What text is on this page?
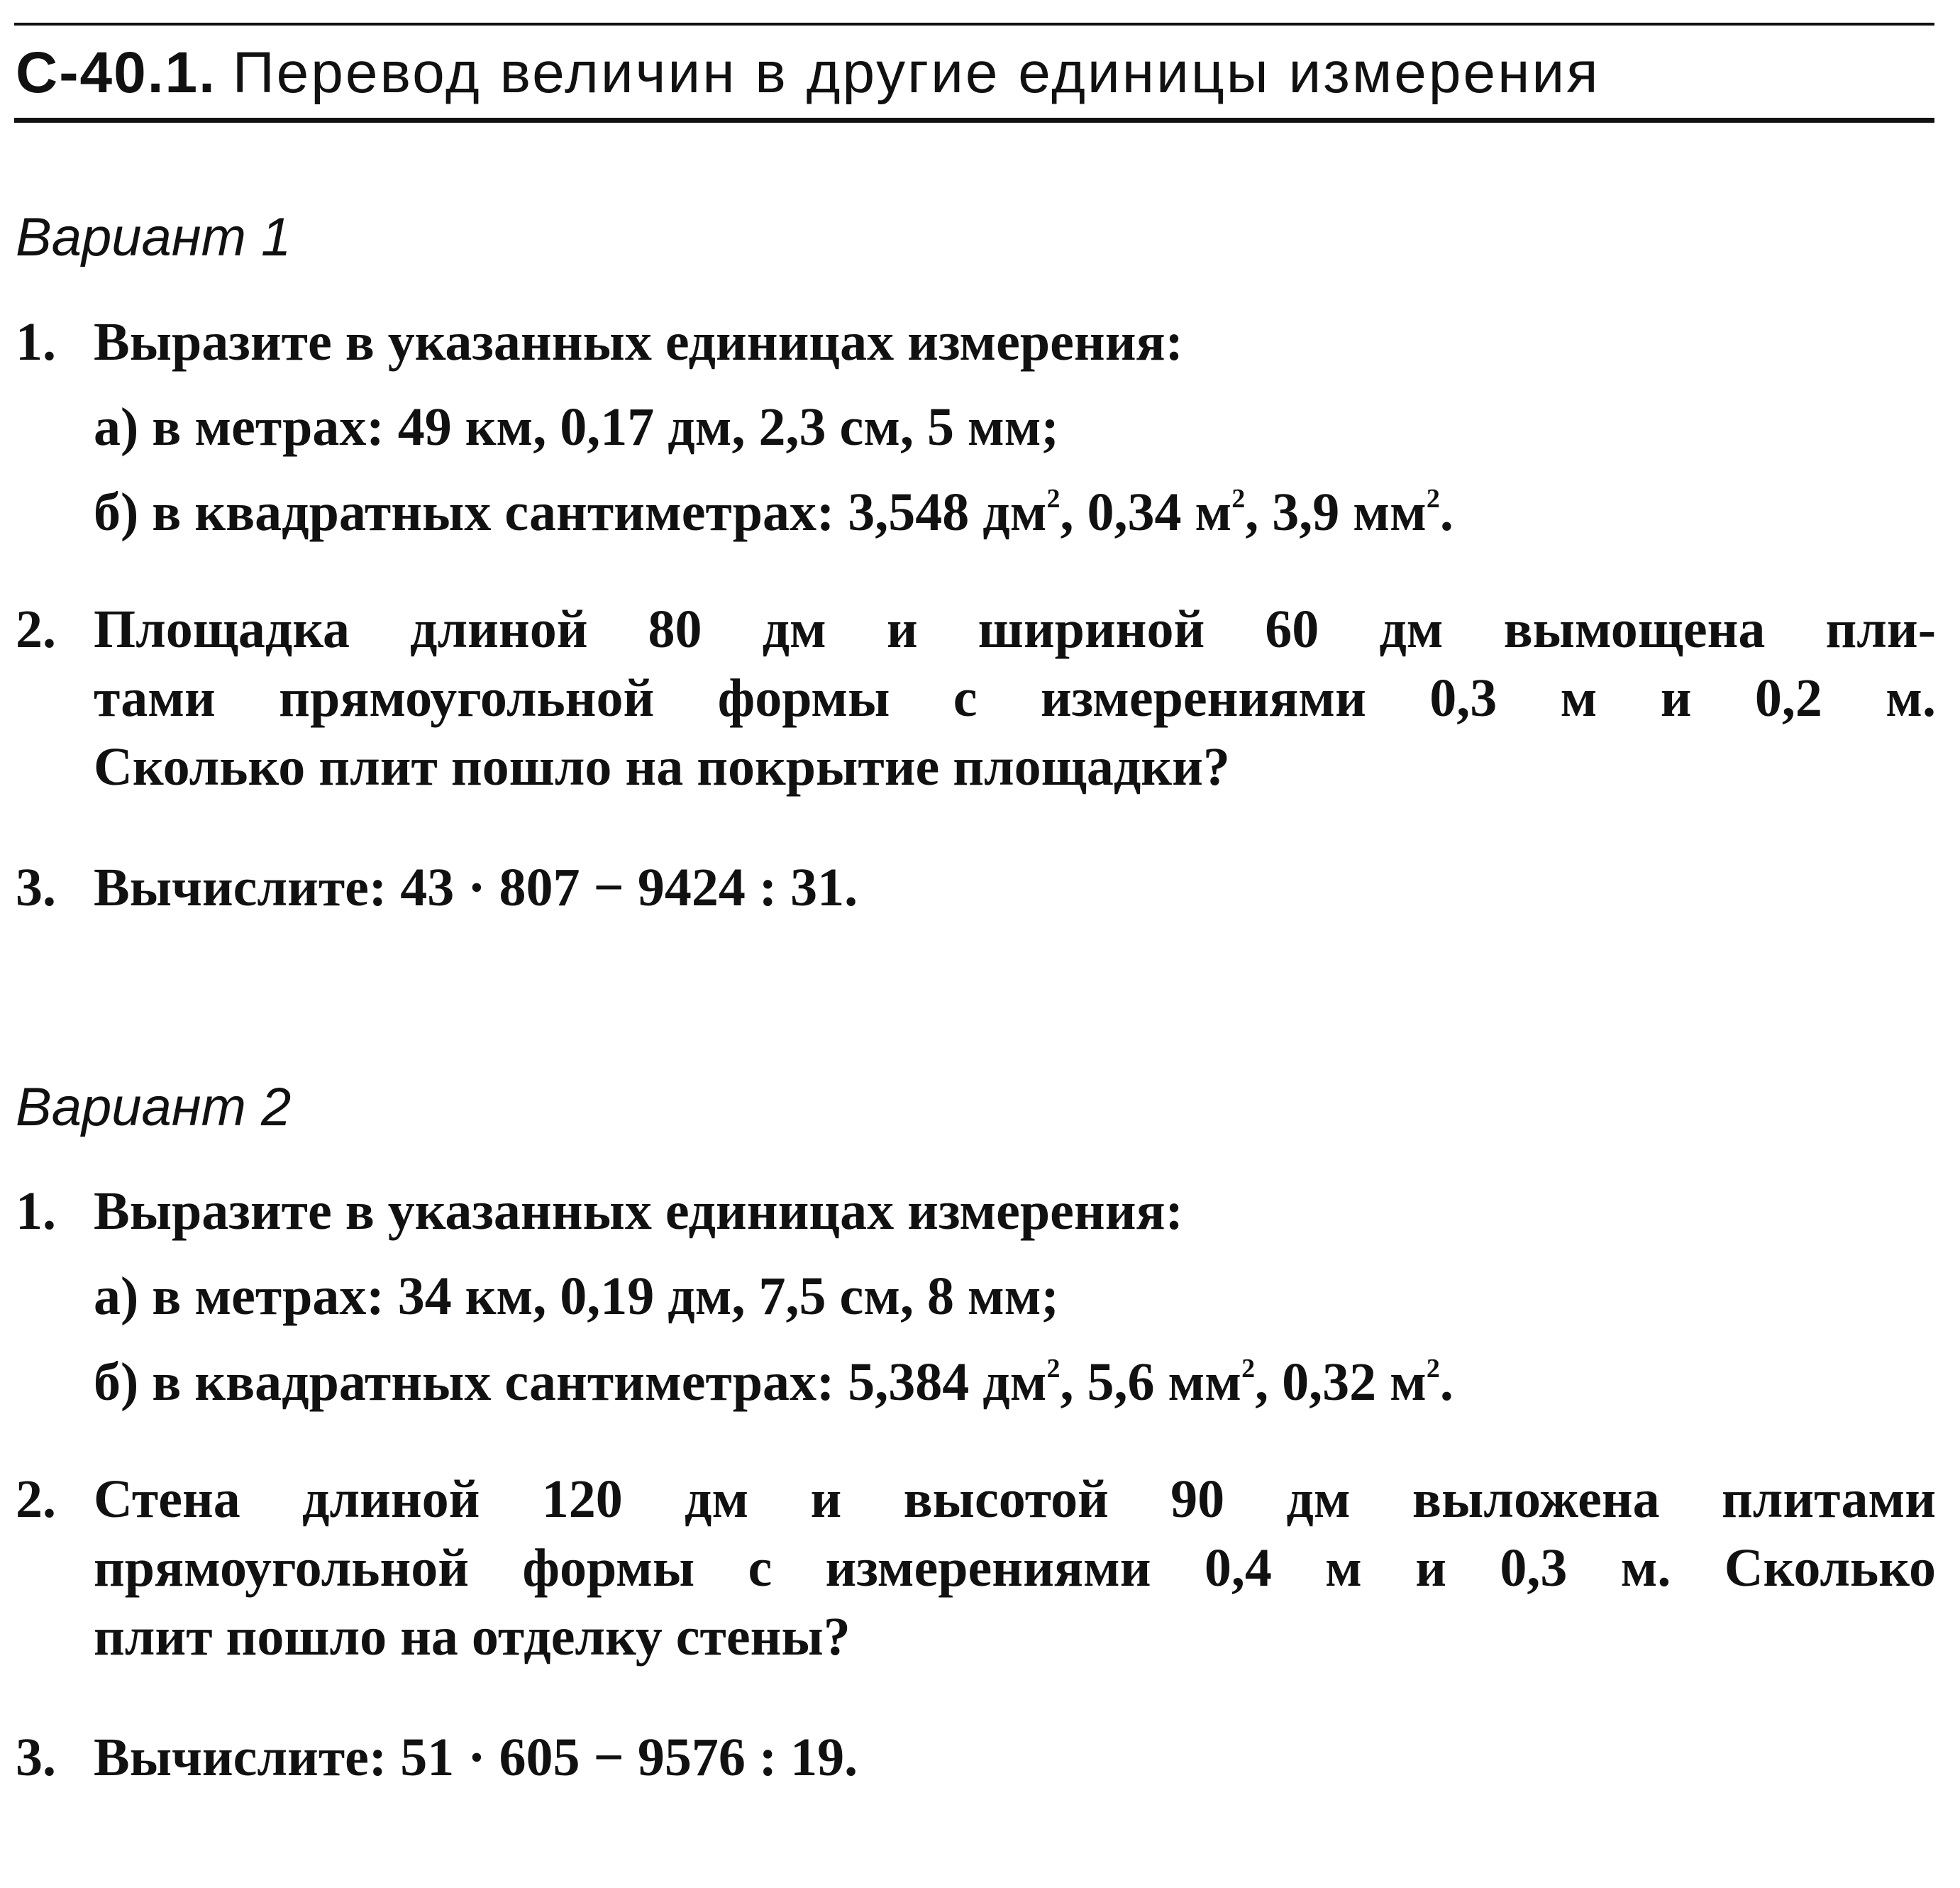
С-40.1. Перевод величин в другие единицы измерения
Вариант 1
1. Выразите в указанных единицах измерения:
а) в метрах: 49 км, 0,17 дм, 2,3 см, 5 мм;
б) в квадратных сантиметрах: 3,548 $дм^2$, 0,34 $м^2$, 3,9 $мм^2$.
2. Площадка длиной 80 дм и шириной 60 дм вымощена пли-
тами прямоугольной формы с измерениями 0,3 м и 0,2 м.
Сколько плит пошло на покрытие площадки?
3. Вычислите: 43 · 807 − 9424 : 31.
Вариант 2
1. Выразите в указанных единицах измерения:
а) в метрах: 34 км, 0,19 дм, 7,5 см, 8 мм;
б) в квадратных сантиметрах: 5,384 $дм^2$, 5,6 $мм^2$, 0,32 $м^2$.
2. Стена длиной 120 дм и высотой 90 дм выложена плитами
прямоугольной формы с измерениями 0,4 м и 0,3 м. Сколько
плит пошло на отделку стены?
3. Вычислите: 51 · 605 − 9576 : 19.
